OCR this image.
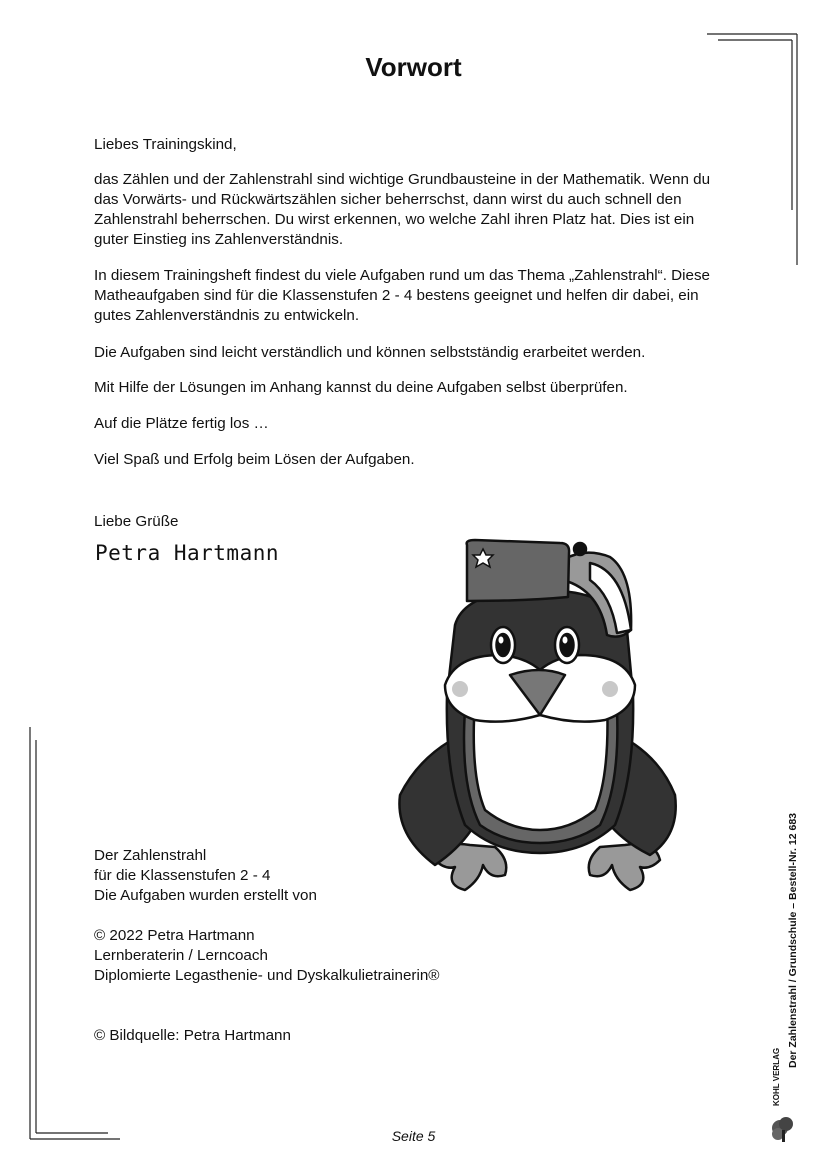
Vorwort
Liebes Trainingskind,
das Zählen und der Zahlenstrahl sind wichtige Grundbausteine in der Mathematik. Wenn du das Vorwärts- und Rückwärtszählen sicher beherrschst, dann wirst du auch schnell den Zahlenstrahl beherrschen. Du wirst erkennen, wo welche Zahl ihren Platz hat. Dies ist ein guter Einstieg ins Zahlenverständnis.
In diesem Trainingsheft findest du viele Aufgaben rund um das Thema „Zahlenstrahl“. Diese Matheaufgaben sind für die Klassenstufen 2 - 4 bestens geeignet und helfen dir dabei, ein gutes Zahlenverständnis zu entwickeln.
Die Aufgaben sind leicht verständlich und können selbstständig erarbeitet werden.
Mit Hilfe der Lösungen im Anhang kannst du deine Aufgaben selbst überprüfen.
Auf die Plätze fertig los …
Viel Spaß und Erfolg beim Lösen der Aufgaben.
Liebe Grüße
Petra Hartmann
Der Zahlenstrahl
für die Klassenstufen 2 - 4
Die Aufgaben wurden erstellt von
© 2022 Petra Hartmann
Lernberaterin / Lerncoach
Diplomierte Legasthenie- und Dyskalkulietrainerin®
© Bildquelle: Petra Hartmann	Der Zahlenstrahl / Grundschule – Bestell-Nr. 12 683
KOHL VERLAG
Seite 5
